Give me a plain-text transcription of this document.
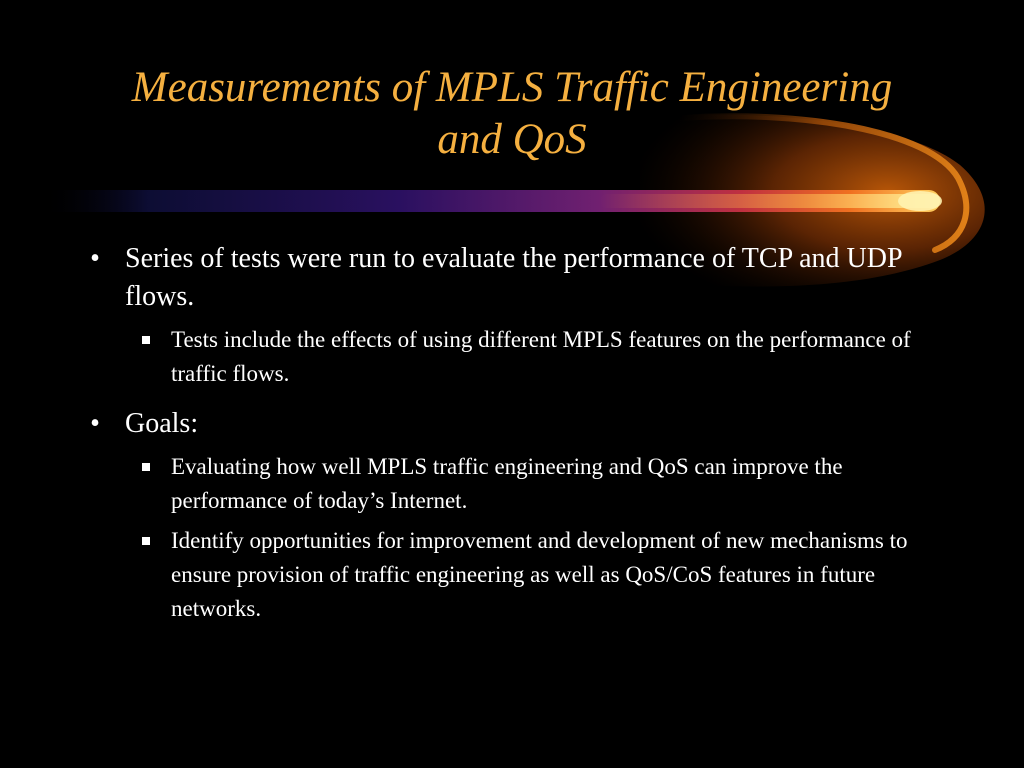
Measurements of MPLS Traffic Engineering
and QoS
• Series of tests were run to evaluate the performance of TCP and UDP flows.
Tests include the effects of using different MPLS features on the performance of traffic flows.
• Goals:
Evaluating how well MPLS traffic engineering and QoS can improve the performance of today’s Internet.
Identify opportunities for improvement and development of new mechanisms to ensure provision of traffic engineering as well as QoS/CoS features in future networks.
